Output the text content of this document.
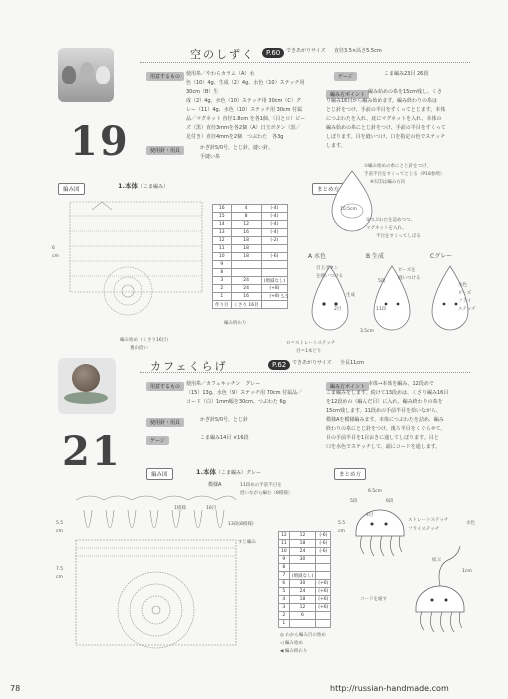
19
空のしずく	P.60	できあがりサイズ 直径3.5×高さ5.5cm
用意するもの	使用糸／やわらカラム（A）水
色（10）4g、生成（2）4g、水色（10）ステッチ用 30cm（B）生
成（2）4g、水色（10）ステッチ用 30cm（C）グ
レー（11）4g、水色（10）ステッチ用 30cm 付属
品／マグネット 直径1.8cm を各1個、（目とロ）ビー
ズ（黒）直径3mmを各2個（A）日玉ボタン（黒／
足付き）直径4mmを2個　つぶわた　各3g
使用針・用具	かぎ針5/0号、とじ針、縫い針、
手縫い糸
ゲージ	こま編み23目 26段
編み方ポイント 編み始めの糸を15cm残し、くさ
り編み16目から編み始めます。編み終わりの糸は
とじ針をつけ、手前の半目をすくってとじます。本体
につぶわたを入れ、底にマグネットを入れ、本体の
編み始めの糸にとじ針をつけ、手前の半目をすくって
しぼります。目を縫いつけ、口を指定の色でステッチ
します。
編み図	1.本体（こま編み）
6
cm
編み始め（くさり16目）
裏山拾い
16	4	(-4)
15	8	(-4)
14	12	(-4)
13	16	(-4)
12	18	(-2)
11	18	
10	18	(-6)
9		
8		
3	24	(増減なし)
2	24	(+8)
1	16	(+8)
作り目	くさり 16目	
編み終わり
まとめ方
10.5cm
①編み始めの糸にとじ針をつけ、
手前半目をすくってとじる（P18参照）
※矢印は編み方向
②つぶわたを詰めつつ、
マグネットを入れ、
半目をすくってしぼる
A 水色	B 生成	Cグレー
目玉ボタン
を縫いつける
生成
5段
2目	11段
ビーズを
縫いつける
水色
ビーズ
フライ
ステッチ
5.5
3.5cm
ロ＝ストレートステッチ
目＝1本どり
21
カフェくらげ	P.62	できあがりサイズ 全長11cm
用意するもの	使用糸／カフェキッチン　グレー
（15）13g、水色（9）ステッチ用 70cm 付属品／
コード（白）1mm幅を30cm、つぶわた 6g
使用針・用具	かぎ針5/0号、とじ針
ゲージ	こま編み14目 ×16段
編み方ポイント 本体→本体を編み、12段めで
こま編みをします。続けて13段めは、くさり編み16目
を12段めの（編んだ目）に入れ、編み終わりの糸を
15cm残します。11段めの手前半目を拾いながら、
模様Aを模様編みます。本体につぶわたを詰め、編み
終わりの糸にとじ針をつけ、後ろ半目をくぐらせて、
目の手前半目を1目おきに通してしぼります。目と
口を水色でステッチして、頭にコードを通します。
編み図	1.本体（こま編み）グレー
模様A	11段めの手前半目を
拾いながら編む（8模様）
1模様	16目
13段(8模様)
すじ編み
5.5
cm
7.5
cm
12	12	(-6)
11	18	(-6)
10	24	(-6)
9	30	
8		
7	(増減なし)	
6	30	(+6)
5	24	(+6)
4	18	(+6)
3	12	(+6)
2	6	
1		
◎ わから編み目の始め
◁ 編み始め
◀ 編み終わり
まとめ方
6.5cm
5段
4目
6段
ストレートステッチ
フライステッチ
水色
5.5
cm
結ぶ
1cm
コードを通す
78	http://russian-handmade.com
